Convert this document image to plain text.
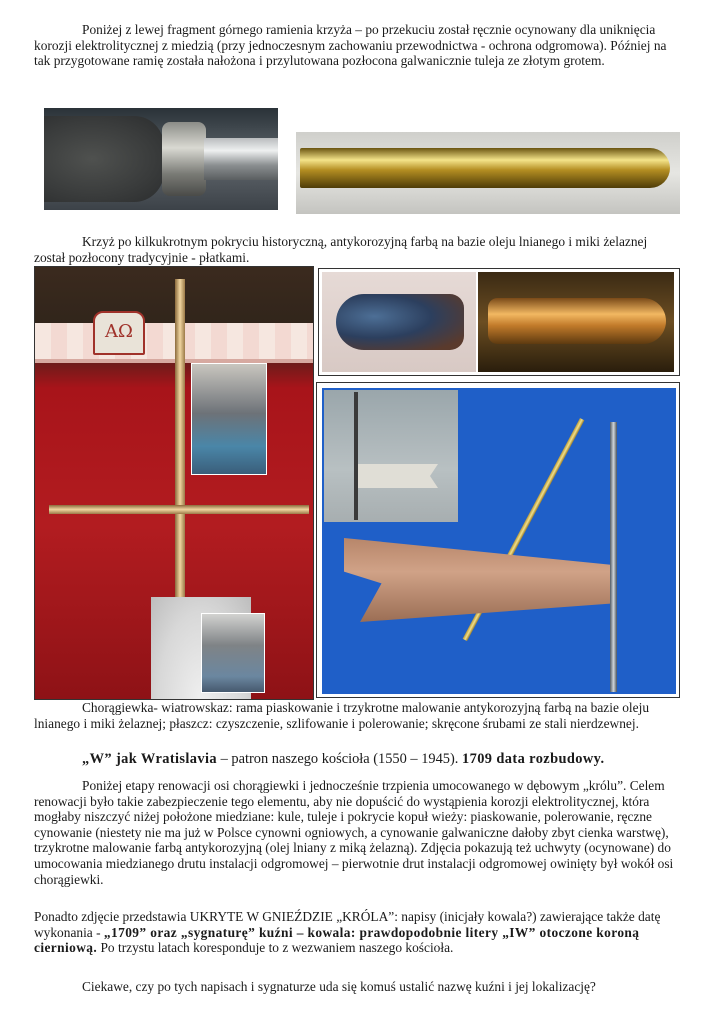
Poniżej z lewej fragment górnego ramienia krzyża – po przekuciu został ręcznie ocynowany dla uniknięcia korozji elektrolitycznej z miedzią (przy jednoczesnym zachowaniu przewodnictwa - ochrona odgromowa). Później na tak przygotowane ramię została nałożona i przylutowana pozłocona galwanicznie tuleja ze złotym grotem.

Krzyż po kilkukrotnym pokryciu historyczną, antykorozyjną farbą na bazie oleju lnianego i miki żelaznej został pozłocony tradycyjnie - płatkami.

ΑΩ

Chorągiewka- wiatrowskaz: rama piaskowanie i trzykrotne malowanie antykorozyjną farbą na bazie oleju lnianego i miki żelaznej; płaszcz: czyszczenie, szlifowanie i polerowanie; skręcone śrubami ze stali nierdzewnej.

„W” jak Wratislavia – patron naszego kościoła (1550 – 1945). 1709 data rozbudowy.

Poniżej etapy renowacji osi chorągiewki i jednocześnie trzpienia umocowanego w dębowym „królu”. Celem renowacji było takie zabezpieczenie tego elementu, aby nie dopuścić do wystąpienia korozji elektrolitycznej, która mogłaby niszczyć niżej położone miedziane: kule, tuleje i pokrycie kopuł wieży: piaskowanie, polerowanie, ręczne cynowanie (niestety nie ma już w Polsce cynowni ogniowych, a cynowanie galwaniczne dałoby zbyt cienka warstwę), trzykrotne malowanie farbą antykorozyjną (olej lniany z miką żelazną). Zdjęcia pokazują też uchwyty (ocynowane) do umocowania miedzianego drutu instalacji odgromowej – pierwotnie drut instalacji odgromowej owinięty był wokół osi chorągiewki.

Ponadto zdjęcie przedstawia UKRYTE W GNIEŹDZIE „KRÓLA”: napisy (inicjały kowala?) zawierające także datę wykonania - „1709” oraz „sygnaturę” kuźni – kowala: prawdopodobnie litery „IW” otoczone koroną cierniową. Po trzystu latach koresponduje to z wezwaniem naszego kościoła.

Ciekawe, czy po tych napisach i sygnaturze uda się komuś ustalić nazwę kuźni i jej lokalizację?
